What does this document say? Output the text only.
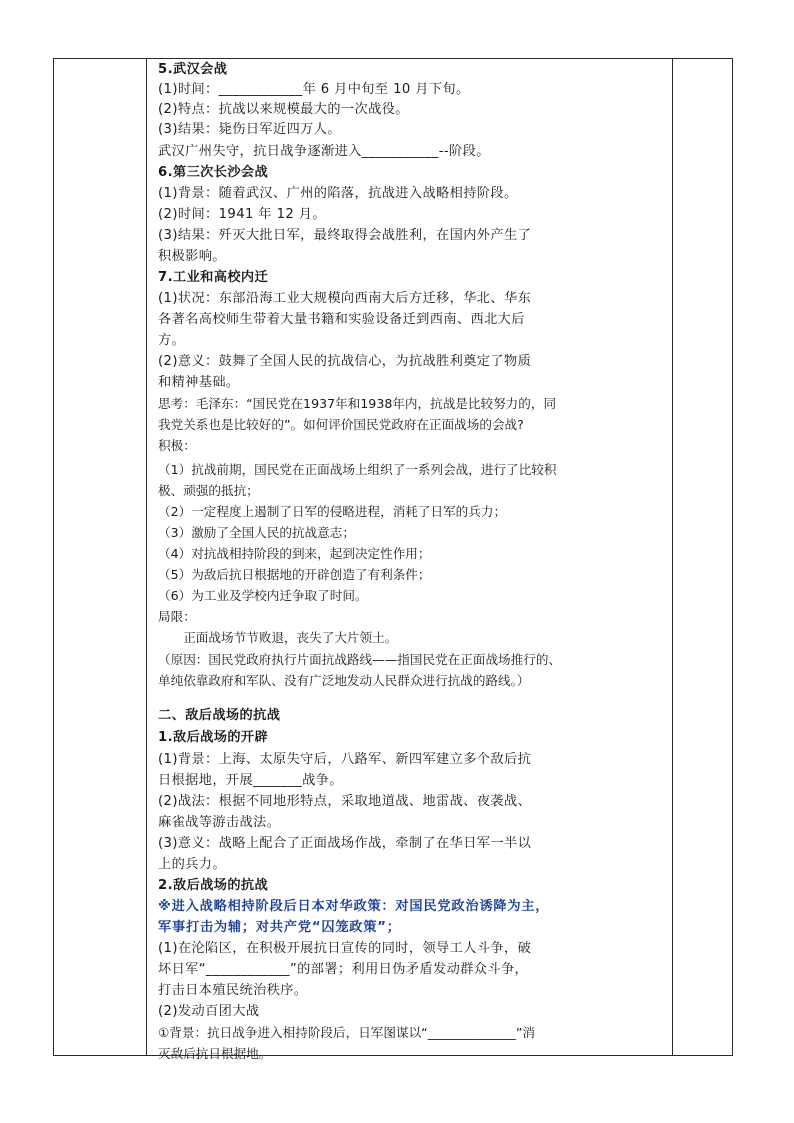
5.武汉会战
(1)时间：____________年 6 月中旬至 10 月下旬。
(2)特点：抗战以来规模最大的一次战役。
(3)结果：毙伤日军近四万人。
武汉广州失守，抗日战争逐渐进入___________--阶段。
6.第三次长沙会战
(1)背景：随着武汉、广州的陷落，抗战进入战略相持阶段。
(2)时间：1941 年 12 月。
(3)结果：歼灭大批日军，最终取得会战胜利，在国内外产生了
积极影响。
7.工业和高校内迁
(1)状况：东部沿海工业大规模向西南大后方迁移，华北、华东
各著名高校师生带着大量书籍和实验设备迁到西南、西北大后
方。
(2)意义：鼓舞了全国人民的抗战信心，为抗战胜利奠定了物质
和精神基础。
思考：毛泽东：“国民党在1937年和1938年内，抗战是比较努力的，同
我党关系也是比较好的”。如何评价国民党政府在正面战场的会战?
积极：
（1）抗战前期，国民党在正面战场上组织了一系列会战，进行了比较积
极、顽强的抵抗；
（2）一定程度上遏制了日军的侵略进程，消耗了日军的兵力；
（3）激励了全国人民的抗战意志；
（4）对抗战相持阶段的到来，起到决定性作用；
（5）为敌后抗日根据地的开辟创造了有利条件；
（6）为工业及学校内迁争取了时间。
局限：
　　正面战场节节败退，丧失了大片领土。
（原因：国民党政府执行片面抗战路线——指国民党在正面战场推行的、
单纯依靠政府和军队、没有广泛地发动人民群众进行抗战的路线。）
二、敌后战场的抗战
1.敌后战场的开辟
(1)背景：上海、太原失守后，八路军、新四军建立多个敌后抗
日根据地，开展_______战争。
(2)战法：根据不同地形特点，采取地道战、地雷战、夜袭战、
麻雀战等游击战法。
(3)意义：战略上配合了正面战场作战，牵制了在华日军一半以
上的兵力。
2.敌后战场的抗战
※进入战略相持阶段后日本对华政策：对国民党政治诱降为主，
军事打击为辅；对共产党“囚笼政策”；
(1)在沦陷区，在积极开展抗日宣传的同时，领导工人斗争，破
坏日军“____________”的部署；利用日伪矛盾发动群众斗争，
打击日本殖民统治秩序。
(2)发动百团大战
①背景：抗日战争进入相持阶段后，日军图谋以“______________”消
灭敌后抗日根据地。
